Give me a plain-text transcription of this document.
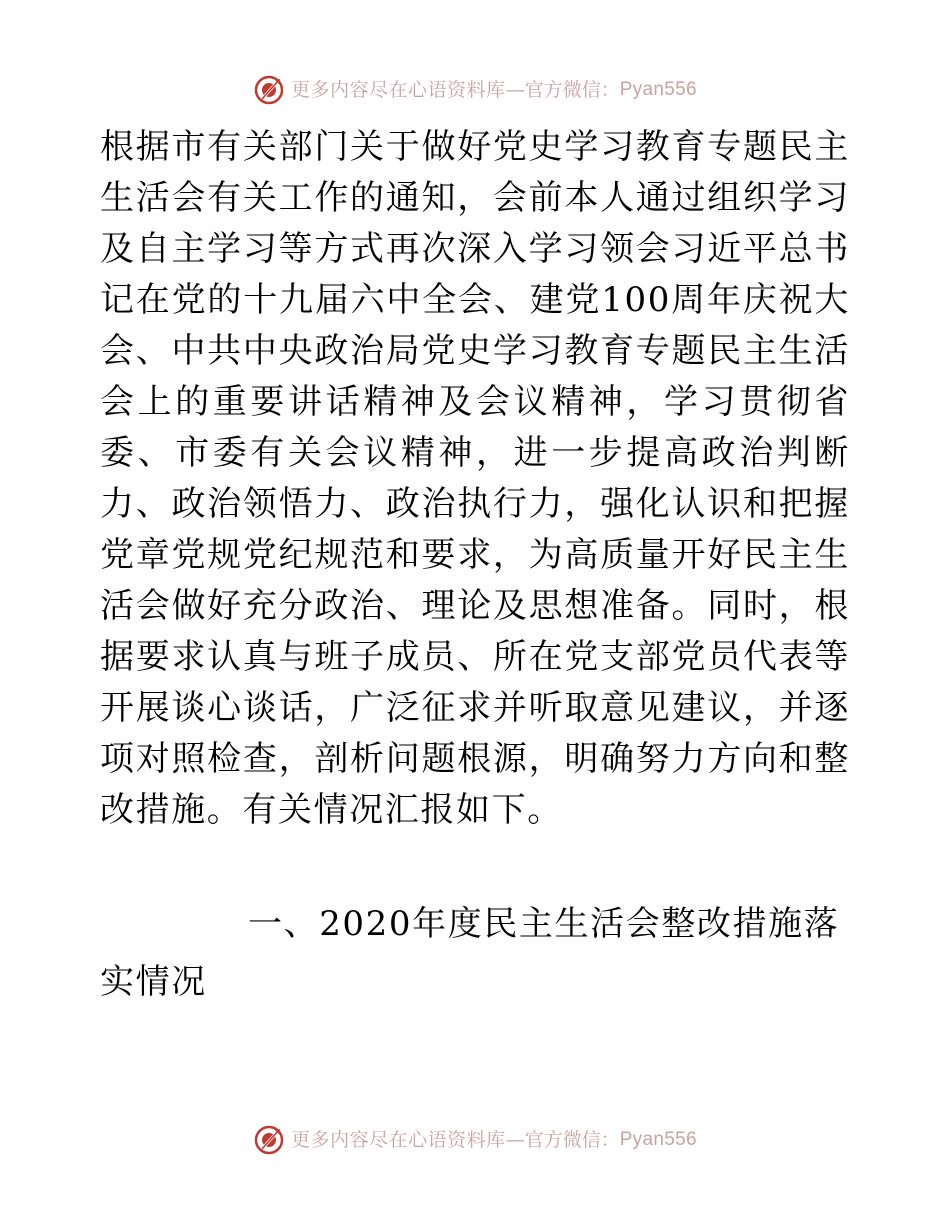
更多内容尽在心语资料库 — 官方微信： Pyan556

根据市有关部门关于做好党史学习教育专题民主生活会有关工作的通知，会前本人通过组织学习及自主学习等方式再次深入学习领会习近平总书记在党的十九届六中全会、建党100周年庆祝大会、中共中央政治局党史学习教育专题民主生活会上的重要讲话精神及会议精神，学习贯彻省委、市委有关会议精神，进一步提高政治判断力、政治领悟力、政治执行力，强化认识和把握党章党规党纪规范和要求，为高质量开好民主生活会做好充分政治、理论及思想准备。同时，根据要求认真与班子成员、所在党支部党员代表等开展谈心谈话，广泛征求并听取意见建议，并逐项对照检查，剖析问题根源，明确努力方向和整改措施。有关情况汇报如下。

一、2020年度民主生活会整改措施落实情况

更多内容尽在心语资料库 — 官方微信： Pyan556
